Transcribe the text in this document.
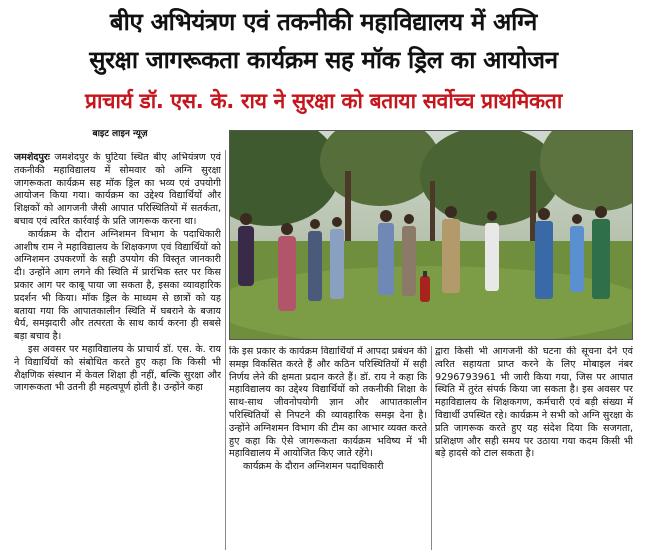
बीए अभियंत्रण एवं तकनीकी महाविद्यालय में अग्नि
सुरक्षा जागरूकता कार्यक्रम सह मॉक ड्रिल का आयोजन
प्राचार्य डॉ. एस. के. राय ने सुरक्षा को बताया सर्वोच्च प्राथमिकता
बाइट लाइन न्यूज़

जमशेदपुरः जमशेदपुर के घुटिया स्थित बीए अभियंत्रण एवं तकनीकी महाविद्यालय में सोमवार को अग्नि सुरक्षा जागरूकता कार्यक्रम सह मॉक ड्रिल का भव्य एवं उपयोगी आयोजन किया गया। कार्यक्रम का उद्देश्य विद्यार्थियों और शिक्षकों को आगजनी जैसी आपात परिस्थितियों में सतर्कता, बचाव एवं त्वरित कार्रवाई के प्रति जागरूक करना था।

कार्यक्रम के दौरान अग्निशमन विभाग के पदाधिकारी आशीष राम ने महाविद्यालय के शिक्षकगण एवं विद्यार्थियों को अग्निशमन उपकरणों के सही उपयोग की विस्तृत जानकारी दी। उन्होंने आग लगने की स्थिति में प्रारंभिक स्तर पर किस प्रकार आग पर काबू पाया जा सकता है, इसका व्यावहारिक प्रदर्शन भी किया। मॉक ड्रिल के माध्यम से छात्रों को यह बताया गया कि आपातकालीन स्थिति में घबराने के बजाय धैर्य, समझदारी और तत्परता के साथ कार्य करना ही सबसे बड़ा बचाव है।

इस अवसर पर महाविद्यालय के प्राचार्य डॉ. एस. के. राय ने विद्यार्थियों को संबोधित करते हुए कहा कि किसी भी शैक्षणिक संस्थान में केवल शिक्षा ही नहीं, बल्कि सुरक्षा और जागरूकता भी उतनी ही महत्वपूर्ण होती है। उन्होंने कहा

कि इस प्रकार के कार्यक्रम विद्यार्थियों में आपदा प्रबंधन की समझ विकसित करते हैं और कठिन परिस्थितियों में सही निर्णय लेने की क्षमता प्रदान करते हैं। डॉ. राय ने कहा कि महाविद्यालय का उद्देश्य विद्यार्थियों को तकनीकी शिक्षा के साथ-साथ जीवनोपयोगी ज्ञान और आपातकालीन परिस्थितियों से निपटने की व्यावहारिक समझ देना है। उन्होंने अग्निशमन विभाग की टीम का आभार व्यक्त करते हुए कहा कि ऐसे जागरूकता कार्यक्रम भविष्य में भी महाविद्यालय में आयोजित किए जाते रहेंगे।

कार्यक्रम के दौरान अग्निशमन पदाधिकारी

द्वारा किसी भी आगजनी की घटना की सूचना देने एवं त्वरित सहायता प्राप्त करने के लिए मोबाइल नंबर 9296793961 भी जारी किया गया, जिस पर आपात स्थिति में तुरंत संपर्क किया जा सकता है। इस अवसर पर महाविद्यालय के शिक्षकगण, कर्मचारी एवं बड़ी संख्या में विद्यार्थी उपस्थित रहे। कार्यक्रम ने सभी को अग्नि सुरक्षा के प्रति जागरूक करते हुए यह संदेश दिया कि सजगता, प्रशिक्षण और सही समय पर उठाया गया कदम किसी भी बड़े हादसे को टाल सकता है।
